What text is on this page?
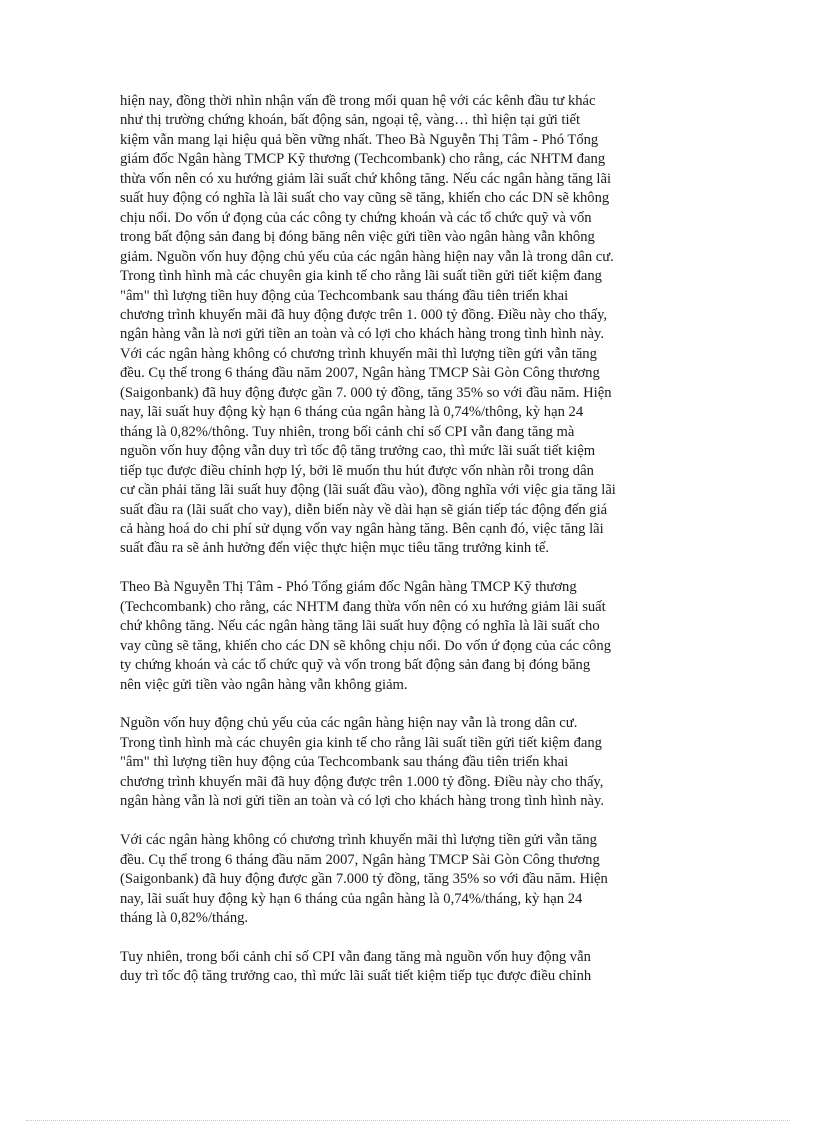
hiện nay, đồng thời nhìn nhận vấn đề trong mối quan hệ với các kênh đầu tư khác
như thị trường chứng khoán, bất động sản, ngoại tệ, vàng… thì hiện tại gửi tiết
kiệm vẫn mang lại hiệu quả bền vững nhất. Theo Bà Nguyễn Thị Tâm - Phó Tổng
giám đốc Ngân hàng TMCP Kỹ thương (Techcombank) cho rằng, các NHTM đang
thừa vốn nên có xu hướng giảm lãi suất chứ không tăng. Nếu các ngân hàng tăng lãi
suất huy động có nghĩa là lãi suất cho vay cũng sẽ tăng, khiến cho các DN sẽ không
chịu nổi. Do vốn ứ đọng của các công ty chứng khoán và các tổ chức quỹ và vốn
trong bất động sản đang bị đóng băng nên việc gửi tiền vào ngân hàng vẫn không
giảm. Nguồn vốn huy động chủ yếu của các ngân hàng hiện nay vẫn là trong dân cư.
Trong tình hình mà các chuyên gia kinh tế cho rằng lãi suất tiền gửi tiết kiệm đang
"âm" thì lượng tiền huy động của Techcombank sau tháng đầu tiên triển khai
chương trình khuyến mãi đã huy động được trên 1. 000 tỷ đồng. Điều này cho thấy,
ngân hàng vẫn là nơi gửi tiền an toàn và có lợi cho khách hàng trong tình hình này.
Với các ngân hàng không có chương trình khuyến mãi thì lượng tiền gửi vẫn tăng
đều. Cụ thể trong 6 tháng đầu năm 2007, Ngân hàng TMCP Sài Gòn Công thương
(Saigonbank) đã huy động được gần 7. 000 tỷ đồng, tăng 35% so với đầu năm. Hiện
nay, lãi suất huy động kỳ hạn 6 tháng của ngân hàng là 0,74%/thông, kỳ hạn 24
tháng là 0,82%/thông. Tuy nhiên, trong bối cảnh chỉ số CPI vẫn đang tăng mà
nguồn vốn huy động vẫn duy trì tốc độ tăng trưởng cao, thì mức lãi suất tiết kiệm
tiếp tục được điều chỉnh hợp lý, bởi lẽ muốn thu hút được vốn nhàn rỗi trong dân
cư cần phải tăng lãi suất huy động (lãi suất đầu vào), đồng nghĩa với việc gia tăng lãi
suất đầu ra (lãi suất cho vay), diễn biến này về dài hạn sẽ gián tiếp tác động đến giá
cả hàng hoá do chi phí sử dụng vốn vay ngân hàng tăng. Bên cạnh đó, việc tăng lãi
suất đầu ra sẽ ảnh hưởng đến việc thực hiện mục tiêu tăng trưởng kinh tế.

Theo Bà Nguyễn Thị Tâm - Phó Tổng giám đốc Ngân hàng TMCP Kỹ thương
(Techcombank) cho rằng, các NHTM đang thừa vốn nên có xu hướng giảm lãi suất
chứ không tăng. Nếu các ngân hàng tăng lãi suất huy động có nghĩa là lãi suất cho
vay cũng sẽ tăng, khiến cho các DN sẽ không chịu nổi. Do vốn ứ đọng của các công
ty chứng khoán và các tổ chức quỹ và vốn trong bất động sản đang bị đóng băng
nên việc gửi tiền vào ngân hàng vẫn không giảm.

Nguồn vốn huy động chủ yếu của các ngân hàng hiện nay vẫn là trong dân cư.
Trong tình hình mà các chuyên gia kinh tế cho rằng lãi suất tiền gửi tiết kiệm đang
"âm" thì lượng tiền huy động của Techcombank sau tháng đầu tiên triển khai
chương trình khuyến mãi đã huy động được trên 1.000 tỷ đồng. Điều này cho thấy,
ngân hàng vẫn là nơi gửi tiền an toàn và có lợi cho khách hàng trong tình hình này.

Với các ngân hàng không có chương trình khuyến mãi thì lượng tiền gửi vẫn tăng
đều. Cụ thể trong 6 tháng đầu năm 2007, Ngân hàng TMCP Sài Gòn Công thương
(Saigonbank) đã huy động được gần 7.000 tỷ đồng, tăng 35% so với đầu năm. Hiện
nay, lãi suất huy động kỳ hạn 6 tháng của ngân hàng là 0,74%/tháng, kỳ hạn 24
tháng là 0,82%/tháng.

Tuy nhiên, trong bối cảnh chỉ số CPI vẫn đang tăng mà nguồn vốn huy động vẫn
duy trì tốc độ tăng trưởng cao, thì mức lãi suất tiết kiệm tiếp tục được điều chỉnh
